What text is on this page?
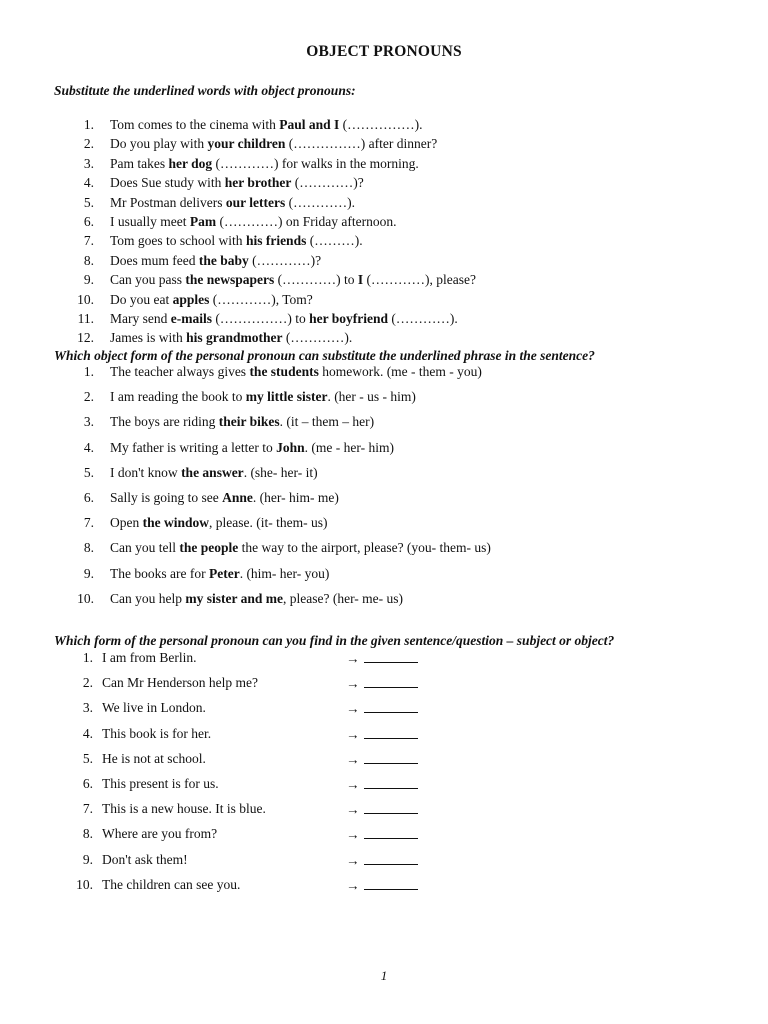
OBJECT PRONOUNS
Substitute the underlined words with object pronouns:
1. Tom comes to the cinema with Paul and I (……………).
2. Do you play with your children (……………) after dinner?
3. Pam takes her dog (…………) for walks in the morning.
4. Does Sue study with her brother (…………)?
5. Mr Postman delivers our letters (…………).
6. I usually meet Pam (…………) on Friday afternoon.
7. Tom goes to school with his friends (………).
8. Does mum feed the baby (…………)?
9. Can you pass the newspapers (…………) to I (…………), please?
10. Do you eat apples (…………), Tom?
11. Mary send e-mails (……………) to her boyfriend (…………).
12. James is with his grandmother (…………).
Which object form of the personal pronoun can substitute the underlined phrase in the sentence?
1. The teacher always gives the students homework. (me - them - you)
2. I am reading the book to my little sister. (her - us - him)
3. The boys are riding their bikes. (it – them – her)
4. My father is writing a letter to John. (me - her- him)
5. I don't know the answer. (she- her- it)
6. Sally is going to see Anne. (her- him- me)
7. Open the window, please. (it- them- us)
8. Can you tell the people the way to the airport, please? (you- them- us)
9. The books are for Peter. (him- her- you)
10. Can you help my sister and me, please? (her- me- us)
Which form of the personal pronoun can you find in the given sentence/question – subject or object?
1. I am from Berlin.	→
2. Can Mr Henderson help me?	→
3. We live in London.	→
4. This book is for her.	→
5. He is not at school.	→
6. This present is for us.	→
7. This is a new house. It is blue.	→
8. Where are you from?	→
9. Don't ask them!	→
10. The children can see you.	→
1
